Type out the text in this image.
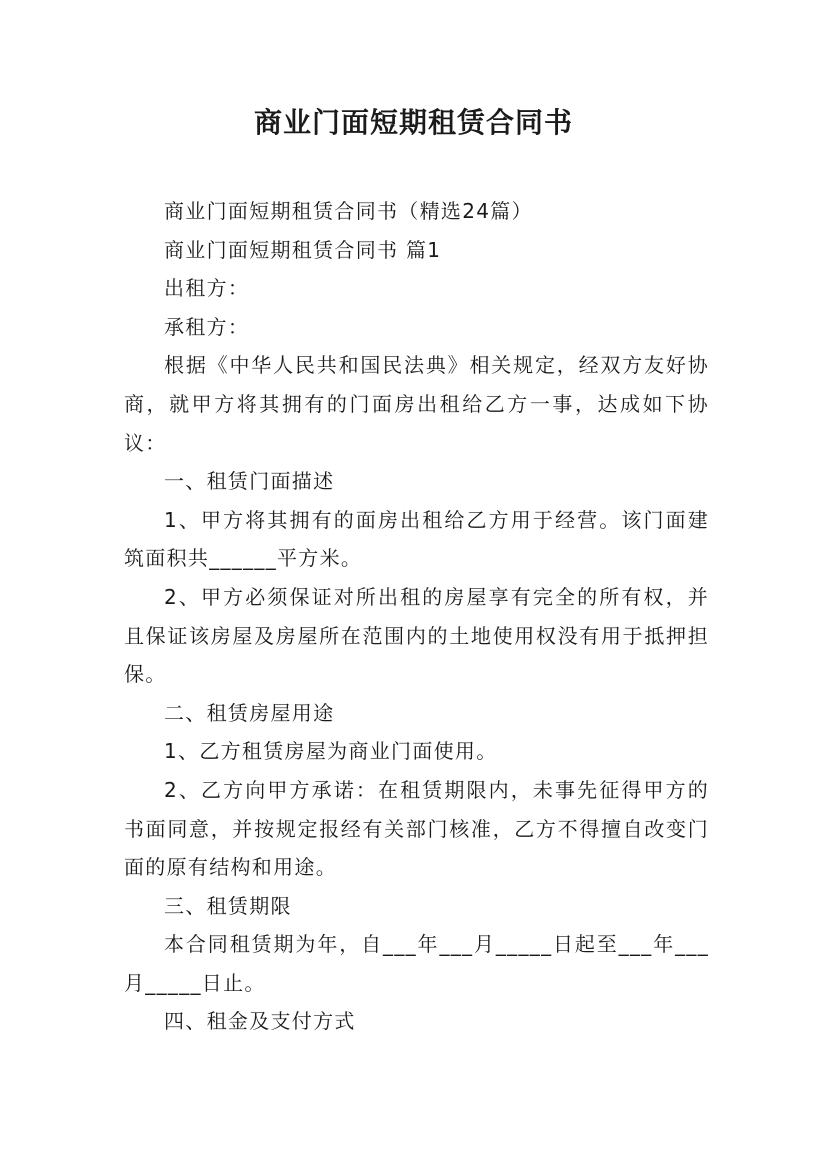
商业门面短期租赁合同书

商业门面短期租赁合同书（精选24篇）

商业门面短期租赁合同书 篇1

出租方：

承租方：

根据《中华人民共和国民法典》相关规定，经双方友好协商，就甲方将其拥有的门面房出租给乙方一事，达成如下协议：

一、租赁门面描述

1、甲方将其拥有的面房出租给乙方用于经营。该门面建筑面积共______平方米。

2、甲方必须保证对所出租的房屋享有完全的所有权，并且保证该房屋及房屋所在范围内的土地使用权没有用于抵押担保。

二、租赁房屋用途

1、乙方租赁房屋为商业门面使用。

2、乙方向甲方承诺：在租赁期限内，未事先征得甲方的书面同意，并按规定报经有关部门核准，乙方不得擅自改变门面的原有结构和用途。

三、租赁期限

本合同租赁期为年，自___年___月_____日起至___年___月_____日止。

四、租金及支付方式
